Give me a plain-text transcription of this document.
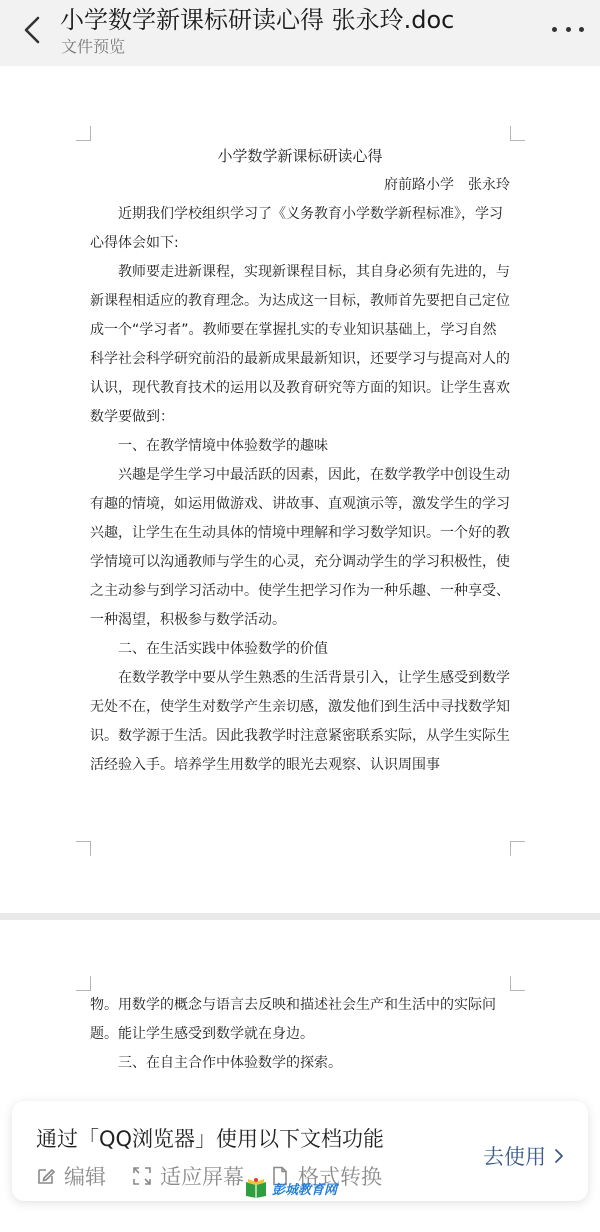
小学数学新课标研读心得 张永玲.doc
文件预览

小学数学新课标研读心得

府前路小学　张永玲

近期我们学校组织学习了《义务教育小学数学新程标准》，学习心得体会如下:

教师要走进新课程，实现新课程目标，其自身必须有先进的，与新课程相适应的教育理念。为达成这一目标，教师首先要把自己定位成一个“学习者”。教师要在掌握扎实的专业知识基础上，学习自然科学社会科学研究前沿的最新成果最新知识，还要学习与提高对人的认识，现代教育技术的运用以及教育研究等方面的知识。让学生喜欢数学要做到：

一、在教学情境中体验数学的趣味

兴趣是学生学习中最活跃的因素，因此，在数学教学中创设生动有趣的情境，如运用做游戏、讲故事、直观演示等，激发学生的学习兴趣，让学生在生动具体的情境中理解和学习数学知识。一个好的教学情境可以沟通教师与学生的心灵，充分调动学生的学习积极性，使之主动参与到学习活动中。使学生把学习作为一种乐趣、一种享受、一种渴望，积极参与数学活动。

二、在生活实践中体验数学的价值

在数学教学中要从学生熟悉的生活背景引入，让学生感受到数学无处不在，使学生对数学产生亲切感，激发他们到生活中寻找数学知识。数学源于生活。因此我教学时注意紧密联系实际，从学生实际生活经验入手。培养学生用数学的眼光去观察、认识周围事

物。用数学的概念与语言去反映和描述社会生产和生活中的实际问题。能让学生感受到数学就在身边。

三、在自主合作中体验数学的探索。

通过「QQ浏览器」使用以下文档功能
编辑	适应屏幕	格式转换
去使用
彭城教育网
